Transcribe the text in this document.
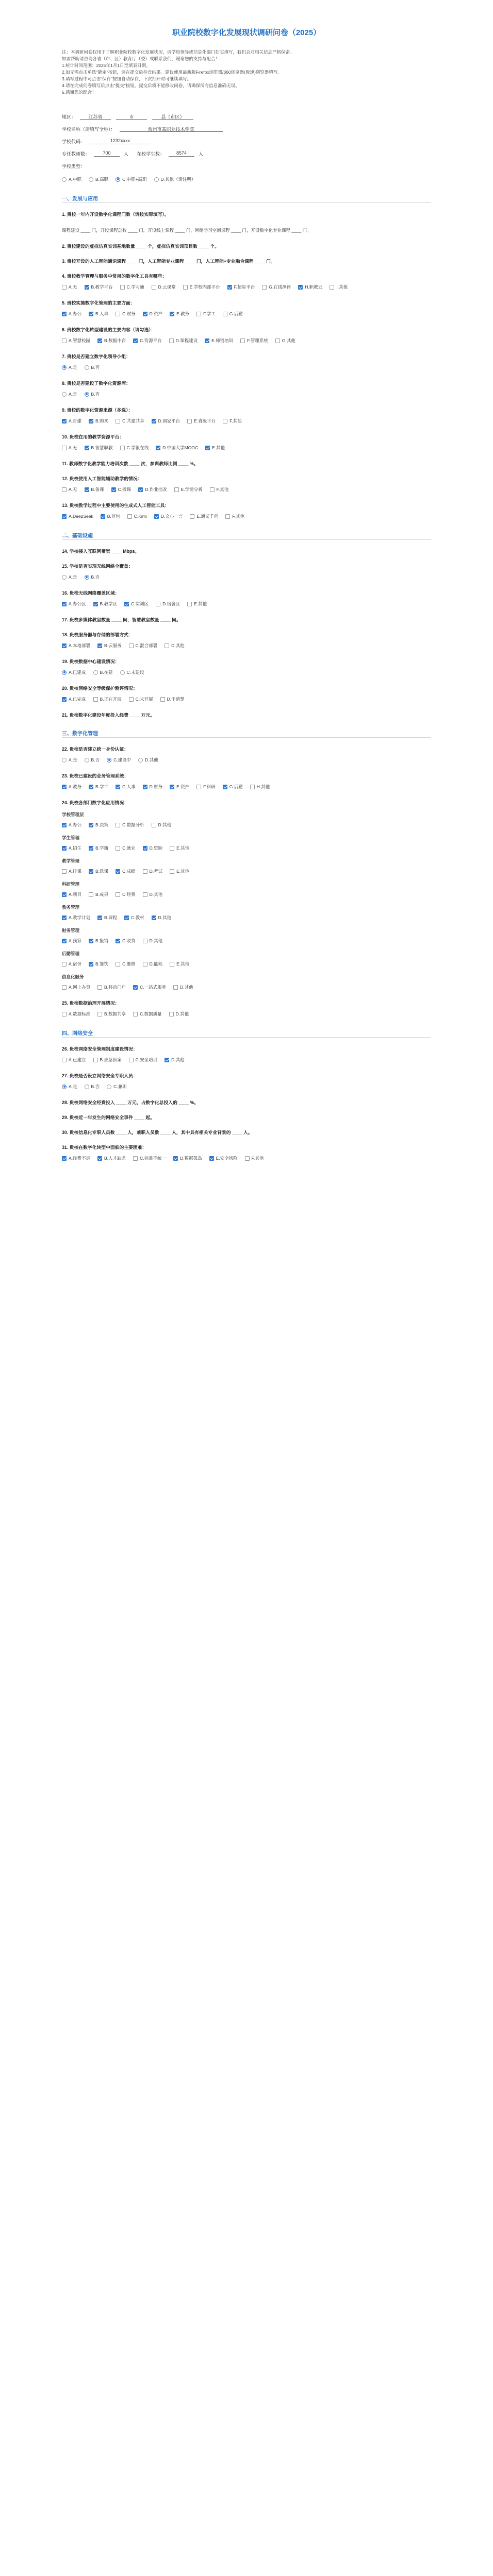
职业院校数字化发展现状调研问卷（2025）

注：本调研问卷仅用于了解职业院校数字化发展状况，请学校领导或信息化部门如实填写，我们会对相关信息严格保密。

如需帮助请咨询各省（市、区）教育厅（委）或联系我们，谢谢您的支持与配合！

1.统计时间范围：2025年1月1日至填表日期。

2.如无需点击单选"确定"按钮，请在提交后检查结果。建议使用最新版Firefox浏览器/360浏览器(极速)浏览器填写。

3.填写过程中可点击"保存"按钮自动保存，下次打开时可继续填写。

4.请在完成问卷填写后点击"提交"按钮。提交后将不能修改问卷，请确保所有信息准确无误。

5.感谢您的配合！

地区：	江苏省	市	县（市区）
学校名称（请填写全称）：	常州市某职业技术学院
学校代码：	1232xxxx
专任教师数：	700	人 在校学生数：	8574	人
学校类型：
A.中职	B.高职	C.中职+高职	D.其他（请注明）
一、发展与应用
1. 贵校一年内开设数字化课程门数（请按实际填写）。
课程建设 ____ 门，开设课程总数 ____ 门，开设线上课程 ____ 门，网络学习空间课程 ____ 门，开设数字化专业课程 ____ 门。
2. 贵校建设的虚拟仿真实训基地数量 ____ 个，虚拟仿真实训项目数 ____ 个。
3. 贵校开设的人工智能通识课程 ____ 门，人工智能专业课程 ____ 门，人工智能+专业融合课程 ____ 门。
4. 贵校教学管理与服务中常用的数字化工具有哪些：
A.无	B.教学平台	C.学习通	D.云课堂	E.学校内部平台	F.超星平台	G.在线测评	H.职教云	I.其他
5. 贵校实施数字化管理的主要方面：
A.办公	B.人事	C.财务	D.资产	E.教务	F.学工	G.后勤
6. 贵校数字化转型建设的主要内容（请勾选）：
A.智慧校园	B.数据中台	C.资源平台	D.课程建设	E.师资培训	F.管理系统	G.其他
7. 贵校是否建立数字化领导小组：
A.是	B.否
8. 贵校是否建设了数字化资源库：
A.是	B.否
9. 贵校的数字化资源来源（多选）：
A.自建	B.购买	C.共建共享	D.国家平台	E.省级平台	F.其他
10. 贵校在用的教学资源平台：
A.无	B.智慧职教	C.学银在线	D.中国大学MOOC	E.其他
11. 教师数字化教学能力培训次数 ____ 次，参训教师比例 ____ %。
12. 贵校使用人工智能辅助教学的情况：
A.无	B.备课	C.授课	D.作业批改	E.学情分析	F.其他
13. 贵校教学过程中主要使用的生成式人工智能工具：
A.DeepSeek	B.豆包	C.Kimi	D.文心一言	E.通义千问	F.其他
二、基础设施
14. 学校接入互联网带宽 ____ Mbps。
15. 学校是否实现无线网络全覆盖：
A.是	B.否
16. 贵校无线网络覆盖区域：
A.办公区	B.教学区	C.实训区	D.宿舍区	E.其他
17. 贵校多媒体教室数量 ____ 间，智慧教室数量 ____ 间。
18. 贵校服务器与存储的部署方式：
A.本地部署	B.云服务	C.混合部署	D.其他
19. 贵校数据中心建设情况：
A.已建成	B.在建	C.未建设
20. 贵校网络安全等级保护测评情况：
A.已完成	B.正在开展	C.未开展	D.不清楚
21. 贵校数字化建设年度投入经费 ____ 万元。
三、数字化管理
22. 贵校是否建立统一身份认证：
A.是	B.否	C.建设中	D.其他
23. 贵校已建设的业务管理系统：
A.教务	B.学工	C.人事	D.财务	E.资产	F.科研	G.后勤	H.其他
24. 贵校各部门数字化应用情况：
学校管理层
A.办公	B.决策	C.数据分析	D.其他
学生管理
A.招生	B.学籍	C.就业	D.资助	E.其他
教学管理
A.排课	B.选课	C.成绩	D.考试	E.其他
科研管理
A.项目	B.成果	C.经费	D.其他
教务管理
A.教学计划	B.课程	C.教材	D.其他
财务管理
A.预算	B.报销	C.收费	D.其他
后勤管理
A.宿舍	B.餐饮	C.维修	D.能耗	E.其他
信息化服务
A.网上办事	B.移动门户	C.一站式服务	D.其他
25. 贵校数据治理开展情况：
A.数据标准	B.数据共享	C.数据质量	D.其他
四、网络安全
26. 贵校网络安全管理制度建设情况：
A.已建立	B.应急预案	C.安全培训	D.其他
27. 贵校是否设立网络安全专职人员：
A.是	B.否	C.兼职
28. 贵校网络安全经费投入 ____ 万元，占数字化总投入的 ____ %。
29. 贵校近一年发生的网络安全事件 ____ 起。
30. 贵校信息化专职人员数 ____ 人，兼职人员数 ____ 人，其中具有相关专业背景的 ____ 人。
31. 贵校在数字化转型中面临的主要困难：
A.经费不足	B.人才缺乏	C.标准不统一	D.数据孤岛	E.安全风险	F.其他
